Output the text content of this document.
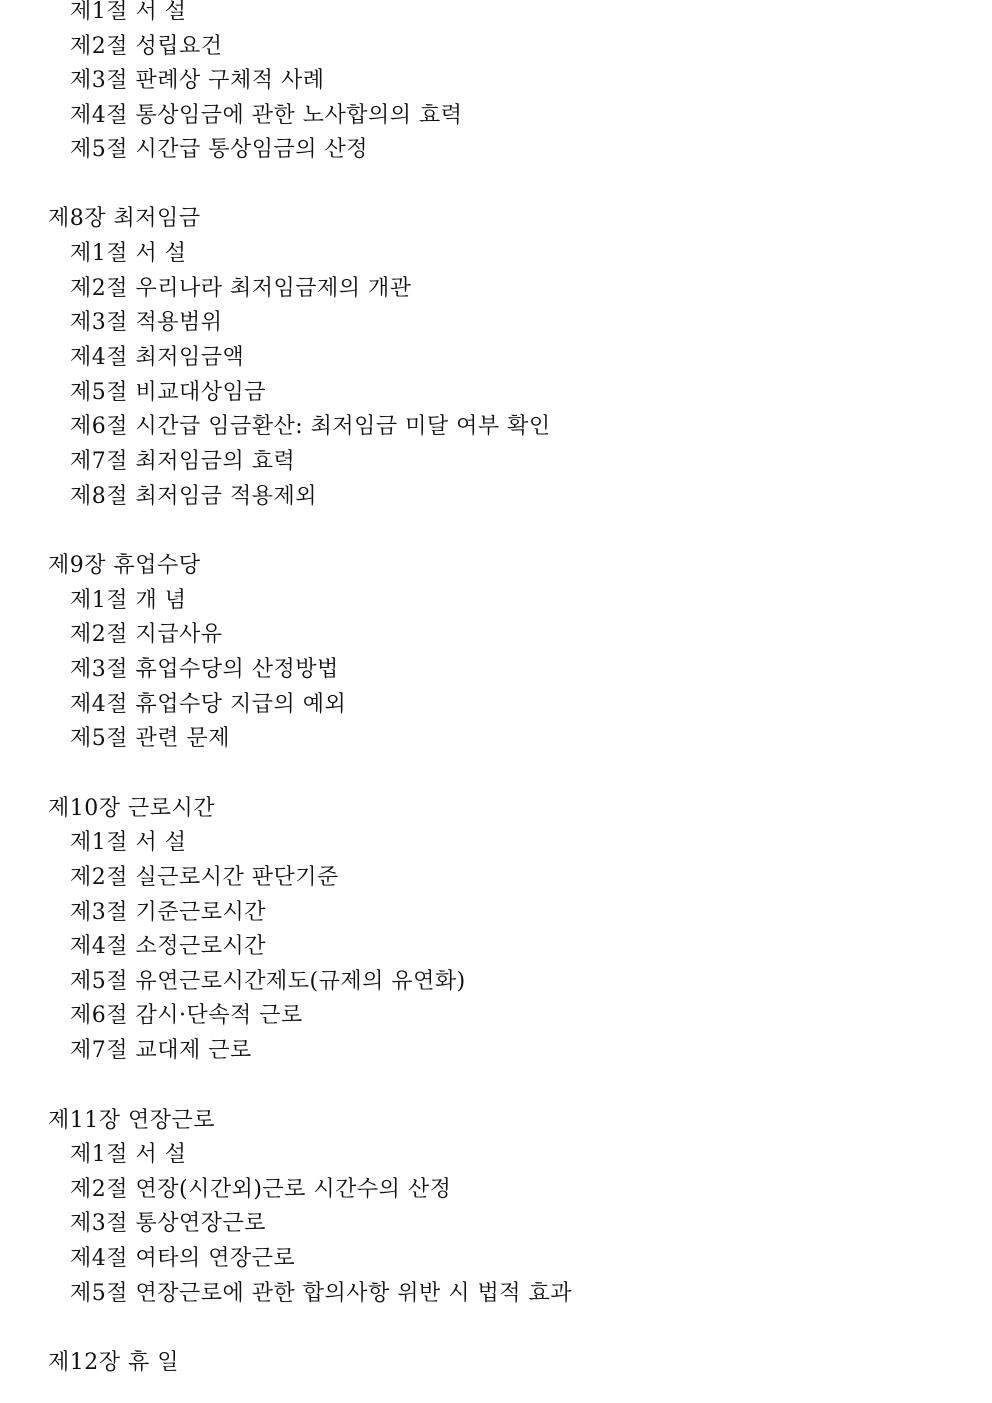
제1절 서 설
제2절 성립요건
제3절 판례상 구체적 사례
제4절 통상임금에 관한 노사합의의 효력
제5절 시간급 통상임금의 산정
제8장 최저임금
제1절 서 설
제2절 우리나라 최저임금제의 개관
제3절 적용범위
제4절 최저임금액
제5절 비교대상임금
제6절 시간급 임금환산: 최저임금 미달 여부 확인
제7절 최저임금의 효력
제8절 최저임금 적용제외
제9장 휴업수당
제1절 개 념
제2절 지급사유
제3절 휴업수당의 산정방법
제4절 휴업수당 지급의 예외
제5절 관련 문제
제10장 근로시간
제1절 서 설
제2절 실근로시간 판단기준
제3절 기준근로시간
제4절 소정근로시간
제5절 유연근로시간제도(규제의 유연화)
제6절 감시·단속적 근로
제7절 교대제 근로
제11장 연장근로
제1절 서 설
제2절 연장(시간외)근로 시간수의 산정
제3절 통상연장근로
제4절 여타의 연장근로
제5절 연장근로에 관한 합의사항 위반 시 법적 효과
제12장 휴 일
